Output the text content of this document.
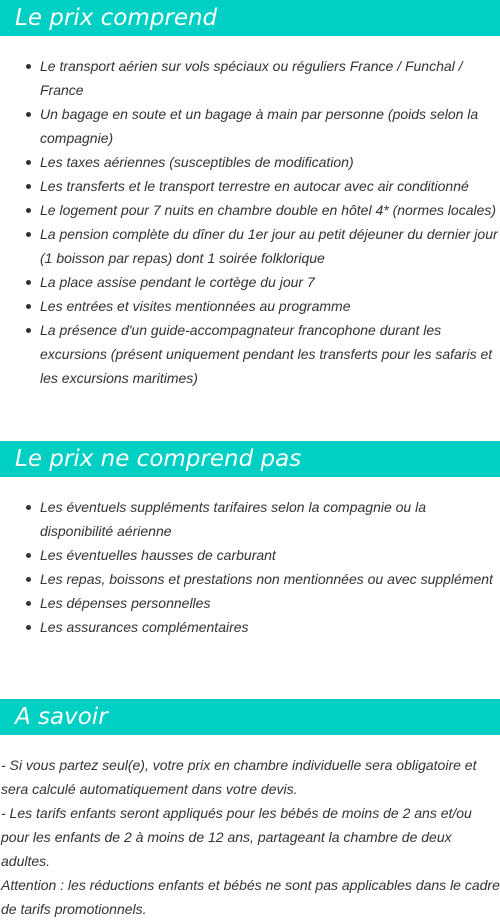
Le prix comprend
Le transport aérien sur vols spéciaux ou réguliers France / Funchal / France
Un bagage en soute et un bagage à main par personne (poids selon la compagnie)
Les taxes aériennes (susceptibles de modification)
Les transferts et le transport terrestre en autocar avec air conditionné
Le logement pour 7 nuits en chambre double en hôtel 4* (normes locales)
La pension complète du dîner du 1er jour au petit déjeuner du dernier jour (1 boisson par repas) dont 1 soirée folklorique
La place assise pendant le cortège du jour 7
Les entrées et visites mentionnées au programme
La présence d'un guide-accompagnateur francophone durant les excursions (présent uniquement pendant les transferts pour les safaris et les excursions maritimes)
Le prix ne comprend pas
Les éventuels suppléments tarifaires selon la compagnie ou la disponibilité aérienne
Les éventuelles hausses de carburant
Les repas, boissons et prestations non mentionnées ou avec supplément
Les dépenses personnelles
Les assurances complémentaires
A savoir
- Si vous partez seul(e), votre prix en chambre individuelle sera obligatoire et sera calculé automatiquement dans votre devis.
- Les tarifs enfants seront appliqués pour les bébés de moins de 2 ans et/ou pour les enfants de 2 à moins de 12 ans, partageant la chambre de deux adultes.
Attention : les réductions enfants et bébés ne sont pas applicables dans le cadre de tarifs promotionnels.
